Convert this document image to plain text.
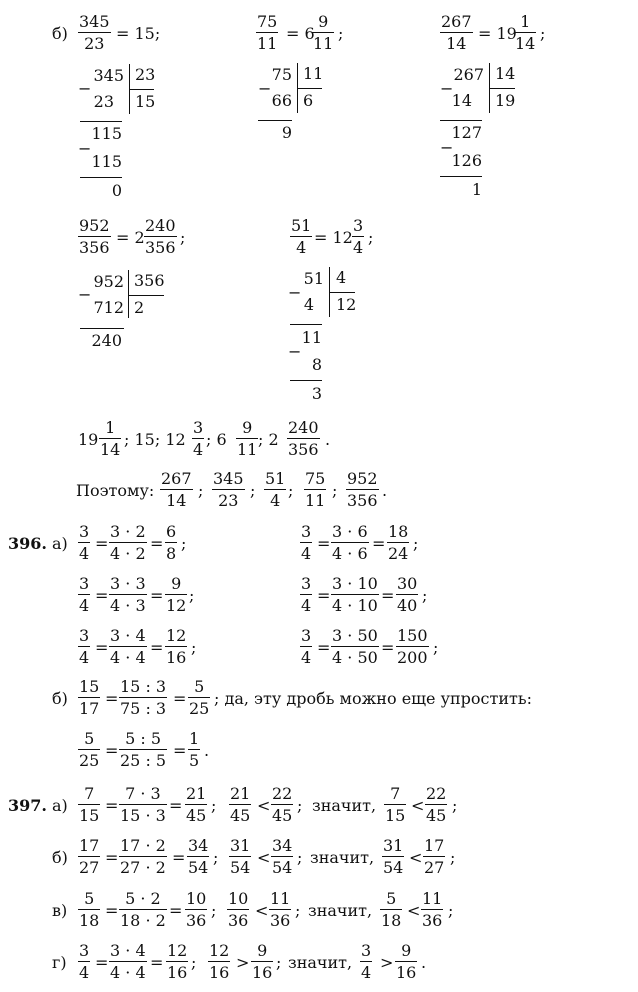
б)
345
23
= 15;
75
11
= 6
9
11
;
267
14
= 19
1
14
;
−
345
23
23
15
115
−
115
0
−
75
66
11
6
9
−
267
14
14
19
127
−
126
1
952
356
= 2
240
356
;
51
4
= 12
3
4
;
−
952
712
356
2
240
−
51
4
4
12
−
11
8
3
19
1
14
; 15; 12
3
4
; 6
9
11
; 2
240
356
.
Поэтому:
267
14
;
345
23
;
51
4
;
75
11
;
952
356
.
396. а)
3
4
=
3 · 2
4 · 2
=
6
8
;
3
4
=
3 · 3
4 · 3
=
9
12
;
3
4
=
3 · 4
4 · 4
=
12
16
;
3
4
=
3 · 6
4 · 6
=
18
24
;
3
4
=
3 · 10
4 · 10
=
30
40
;
3
4
=
3 · 50
4 · 50
=
150
200
;
б)
15
17
=
15 : 3
75 : 3
=
5
25
; да, эту дробь можно еще упростить:
5
25
=
5 : 5
25 : 5
=
1
5
.
397. а)
7
15
=
7 · 3
15 · 3
=
21
45
;
21
45
<
22
45
; значит,
7
15
<
22
45
;
б)
17
27
=
17 · 2
27 · 2
=
34
54
;
31
54
<
34
54
; значит,
31
54
<
17
27
;
в)
5
18
=
5 · 2
18 · 2
=
10
36
;
10
36
<
11
36
; значит,
5
18
<
11
36
;
г)
3
4
=
3 · 4
4 · 4
=
12
16
;
12
16
>
9
16
; значит,
3
4
>
9
16
.
